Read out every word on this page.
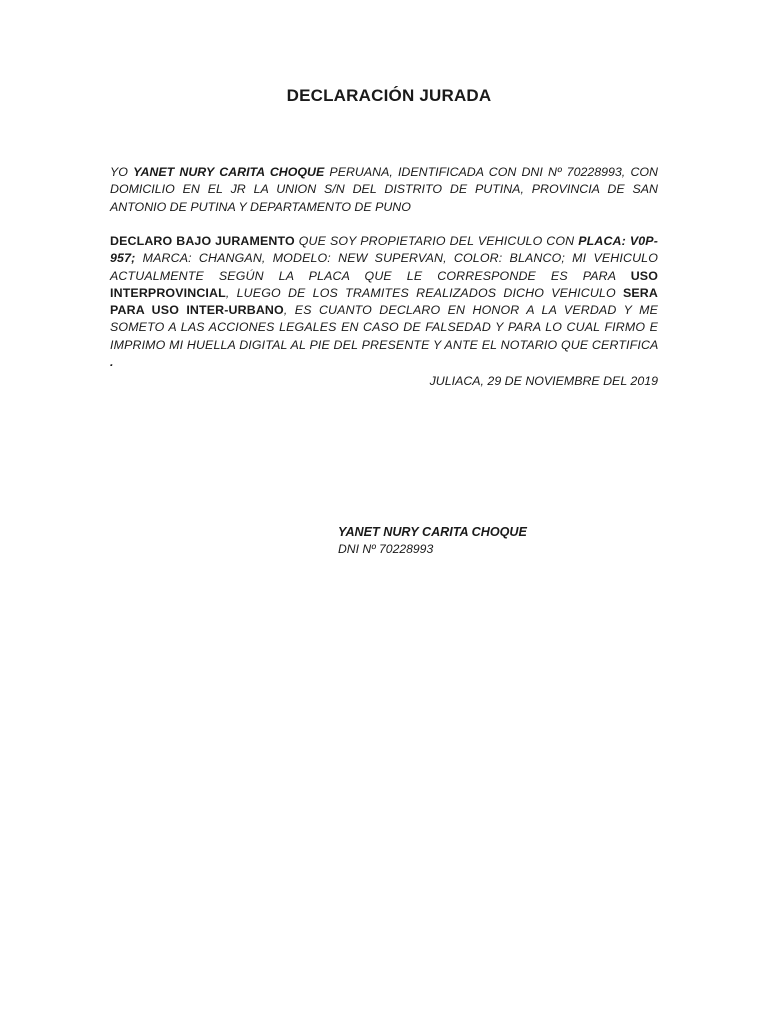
DECLARACIÓN JURADA

YO YANET NURY CARITA CHOQUE PERUANA, IDENTIFICADA CON DNI Nº 70228993, CON DOMICILIO EN EL JR LA UNION S/N DEL DISTRITO DE PUTINA, PROVINCIA DE SAN ANTONIO DE PUTINA Y DEPARTAMENTO DE PUNO

DECLARO BAJO JURAMENTO QUE SOY PROPIETARIO DEL VEHICULO CON PLACA: V0P-957; MARCA: CHANGAN, MODELO: NEW SUPERVAN, COLOR: BLANCO; MI VEHICULO ACTUALMENTE SEGÚN LA PLACA QUE LE CORRESPONDE ES PARA USO INTERPROVINCIAL, LUEGO DE LOS TRAMITES REALIZADOS DICHO VEHICULO SERA PARA USO INTER-URBANO, ES CUANTO DECLARO EN HONOR A LA VERDAD Y ME SOMETO A LAS ACCIONES LEGALES EN CASO DE FALSEDAD Y PARA LO CUAL FIRMO E IMPRIMO MI HUELLA DIGITAL AL PIE DEL PRESENTE Y ANTE EL NOTARIO QUE CERTIFICA .

JULIACA, 29 DE NOVIEMBRE DEL 2019

YANET NURY CARITA CHOQUE
DNI Nº 70228993
